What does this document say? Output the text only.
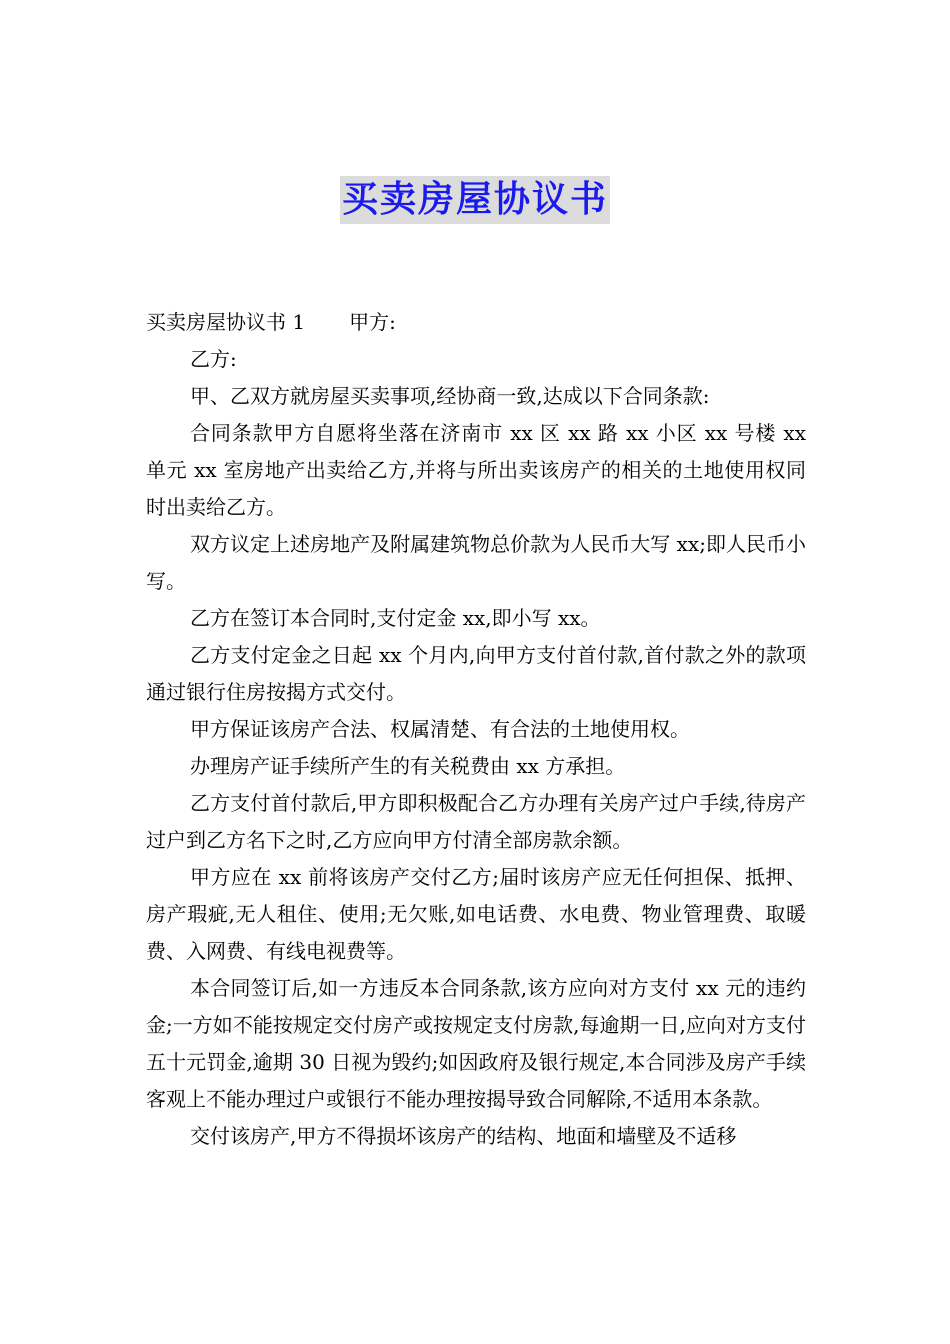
买卖房屋协议书

买卖房屋协议书 1 甲方:

乙方:

甲、乙双方就房屋买卖事项,经协商一致,达成以下合同条款:

合同条款甲方自愿将坐落在济南市 xx 区 xx 路 xx 小区 xx 号楼 xx 单元 xx 室房地产出卖给乙方,并将与所出卖该房产的相关的土地使用权同时出卖给乙方。

双方议定上述房地产及附属建筑物总价款为人民币大写 xx;即人民币小写。

乙方在签订本合同时,支付定金 xx,即小写 xx。

乙方支付定金之日起 xx 个月内,向甲方支付首付款,首付款之外的款项通过银行住房按揭方式交付。

甲方保证该房产合法、权属清楚、有合法的土地使用权。

办理房产证手续所产生的有关税费由 xx 方承担。

乙方支付首付款后,甲方即积极配合乙方办理有关房产过户手续,待房产过户到乙方名下之时,乙方应向甲方付清全部房款余额。

甲方应在 xx 前将该房产交付乙方;届时该房产应无任何担保、抵押、房产瑕疵,无人租住、使用;无欠账,如电话费、水电费、物业管理费、取暖费、入网费、有线电视费等。

本合同签订后,如一方违反本合同条款,该方应向对方支付 xx 元的违约金;一方如不能按规定交付房产或按规定支付房款,每逾期一日,应向对方支付五十元罚金,逾期 30 日视为毁约;如因政府及银行规定,本合同涉及房产手续客观上不能办理过户或银行不能办理按揭导致合同解除,不适用本条款。

交付该房产,甲方不得损坏该房产的结构、地面和墙壁及不适移
